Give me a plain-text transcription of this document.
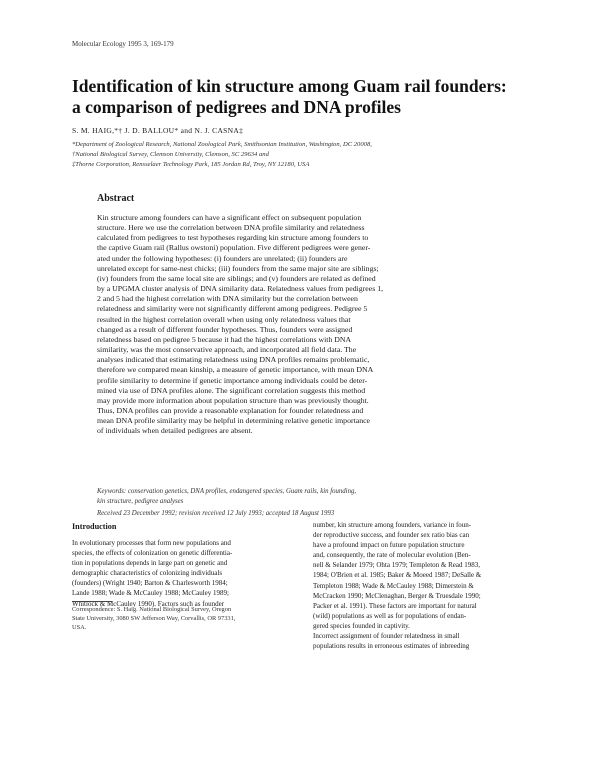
Molecular Ecology 1995 3, 169-179
Identification of kin structure among Guam rail founders:
a comparison of pedigrees and DNA profiles
S. M. HAIG,*† J. D. BALLOU* and N. J. CASNA‡
*Department of Zoological Research, National Zoological Park, Smithsonian Institution, Washington, DC 20008,
†National Biological Survey, Clemson University, Clemson, SC 29634 and
‡Thorne Corporation, Rensselaer Technology Park, 185 Jordan Rd, Troy, NY 12180, USA
Abstract
Kin structure among founders can have a significant effect on subsequent population
structure. Here we use the correlation between DNA profile similarity and relatedness
calculated from pedigrees to test hypotheses regarding kin structure among founders to
the captive Guam rail (Rallus owstoni) population. Five different pedigrees were gener-
ated under the following hypotheses: (i) founders are unrelated; (ii) founders are
unrelated except for same-nest chicks; (iii) founders from the same major site are siblings;
(iv) founders from the same local site are siblings; and (v) founders are related as defined
by a UPGMA cluster analysis of DNA similarity data. Relatedness values from pedigrees 1,
2 and 5 had the highest correlation with DNA similarity but the correlation between
relatedness and similarity were not significantly different among pedigrees. Pedigree 5
resulted in the highest correlation overall when using only relatedness values that
changed as a result of different founder hypotheses. Thus, founders were assigned
relatedness based on pedigree 5 because it had the highest correlations with DNA
similarity, was the most conservative approach, and incorporated all field data. The
analyses indicated that estimating relatedness using DNA profiles remains problematic,
therefore we compared mean kinship, a measure of genetic importance, with mean DNA
profile similarity to determine if genetic importance among individuals could be deter-
mined via use of DNA profiles alone. The significant correlation suggests this method
may provide more information about population structure than was previously thought.
Thus, DNA profiles can provide a reasonable explanation for founder relatedness and
mean DNA profile similarity may be helpful in determining relative genetic importance
of individuals when detailed pedigrees are absent.
Keywords: conservation genetics, DNA profiles, endangered species, Guam rails, kin founding,
kin structure, pedigree analyses
Received 23 December 1992; revision received 12 July 1993; accepted 18 August 1993
Introduction
In evolutionary processes that form new populations and
species, the effects of colonization on genetic differentia-
tion in populations depends in large part on genetic and
demographic characteristics of colonizing individuals
(founders) (Wright 1940; Barton & Charlesworth 1984;
Lande 1988; Wade & McCauley 1988; McCauley 1989;
Whitlock & McCauley 1990). Factors such as founder
Correspondence: S. Haig. National Biological Survey, Oregon
State University, 3080 SW Jefferson Way, Corvallis, OR 97331,
USA.
number, kin structure among founders, variance in foun-
der reproductive success, and founder sex ratio bias can
have a profound impact on future population structure
and, consequently, the rate of molecular evolution (Ben-
nell & Selander 1979; Ohta 1979; Templeton & Read 1983,
1984; O'Brien et al. 1985; Baker & Moeed 1987; DeSalle &
Templeton 1988; Wade & McCauley 1988; Dimerstein &
McCracken 1990; McClenaghan, Berger & Truesdale 1990;
Packer et al. 1991). These factors are important for natural
(wild) populations as well as for populations of endan-
gered species founded in captivity.
Incorrect assignment of founder relatedness in small
populations results in erroneous estimates of inbreeding
